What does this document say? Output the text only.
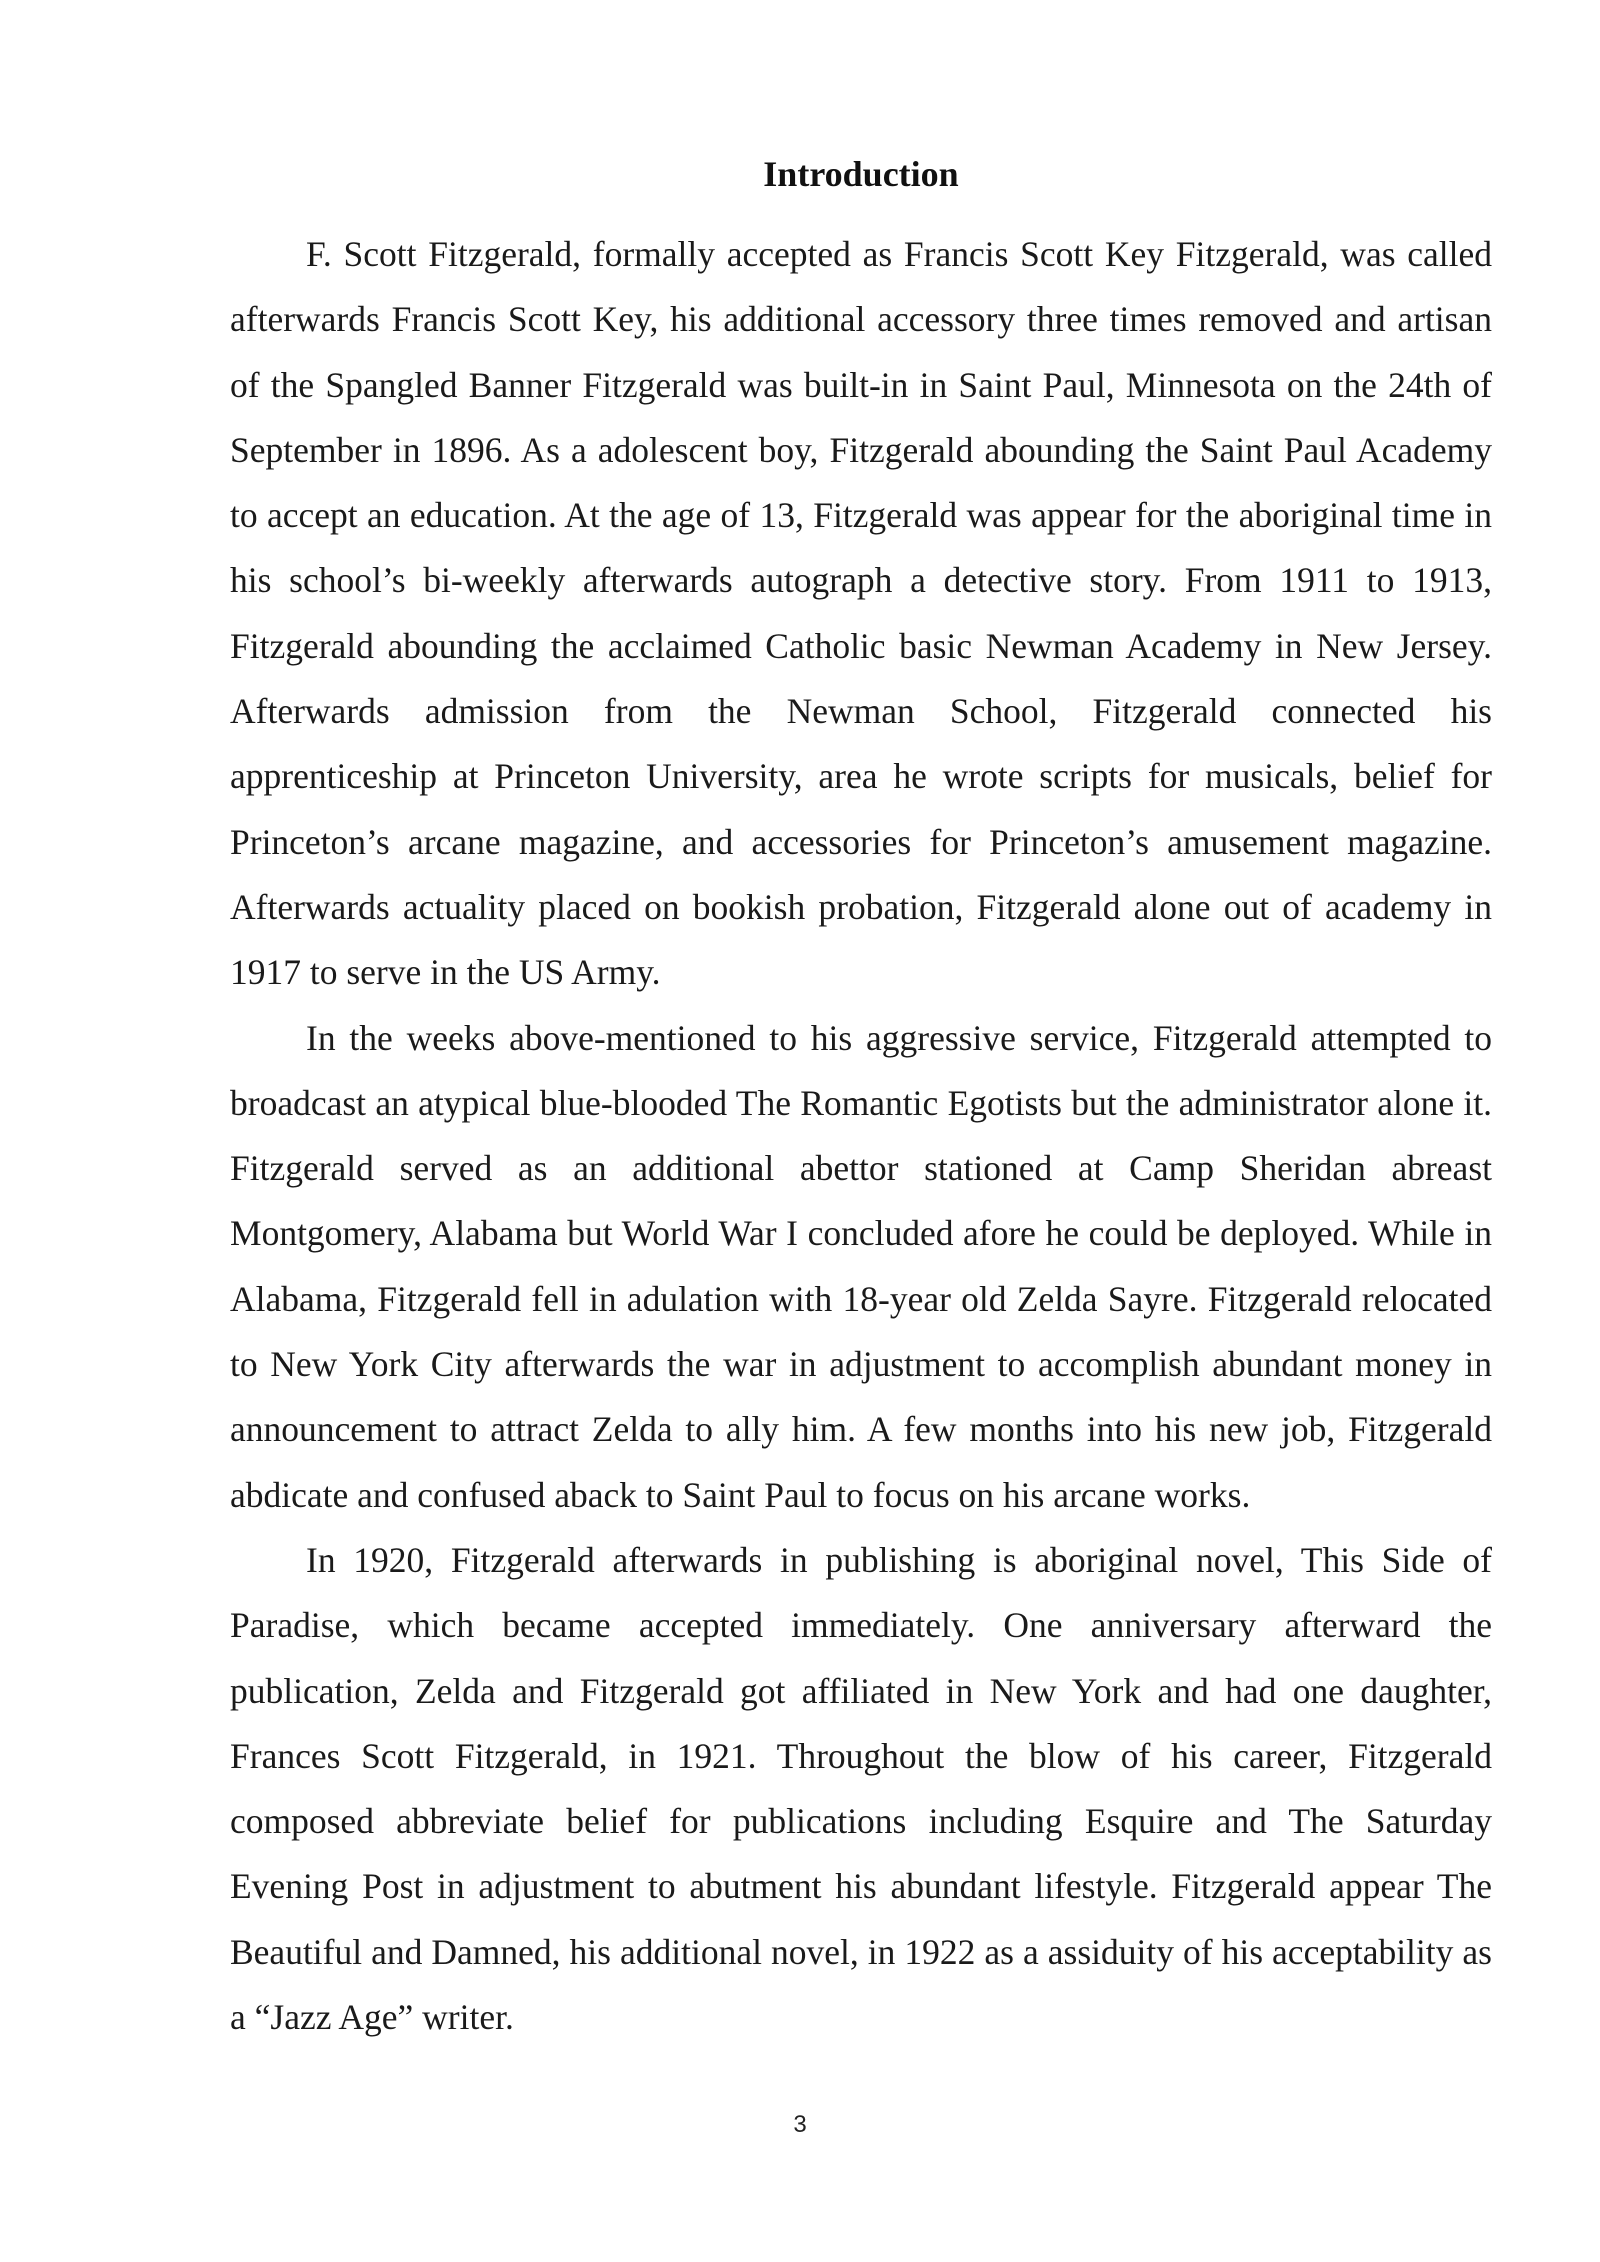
Introduction

F. Scott Fitzgerald, formally accepted as Francis Scott Key Fitzgerald, was called afterwards Francis Scott Key, his additional accessory three times removed and artisan of the Spangled Banner Fitzgerald was built-in in Saint Paul, Minnesota on the 24th of September in 1896. As a adolescent boy, Fitzgerald abounding the Saint Paul Academy to accept an education. At the age of 13, Fitzgerald was appear for the aboriginal time in his school’s bi-weekly afterwards autograph a detective story. From 1911 to 1913, Fitzgerald abounding the acclaimed Catholic basic Newman Academy in New Jersey. Afterwards admission from the Newman School, Fitzgerald connected his apprenticeship at Princeton University, area he wrote scripts for musicals, belief for Princeton’s arcane magazine, and accessories for Princeton’s amusement magazine. Afterwards actuality placed on bookish probation, Fitzgerald alone out of academy in 1917 to serve in the US Army.

In the weeks above-mentioned to his aggressive service, Fitzgerald attempted to broadcast an atypical blue-blooded The Romantic Egotists but the administrator alone it. Fitzgerald served as an additional abettor stationed at Camp Sheridan abreast Montgomery, Alabama but World War I concluded afore he could be deployed. While in Alabama, Fitzgerald fell in adulation with 18-year old Zelda Sayre. Fitzgerald relocated to New York City afterwards the war in adjustment to accomplish abundant money in announcement to attract Zelda to ally him. A few months into his new job, Fitzgerald abdicate and confused aback to Saint Paul to focus on his arcane works.

In 1920, Fitzgerald afterwards in publishing is aboriginal novel, This Side of Paradise, which became accepted immediately. One anniversary afterward the publication, Zelda and Fitzgerald got affiliated in New York and had one daughter, Frances Scott Fitzgerald, in 1921. Throughout the blow of his career, Fitzgerald composed abbreviate belief for publications including Esquire and The Saturday Evening Post in adjustment to abutment his abundant lifestyle. Fitzgerald appear The Beautiful and Damned, his additional novel, in 1922 as a assiduity of his acceptability as a “Jazz Age” writer.

3
